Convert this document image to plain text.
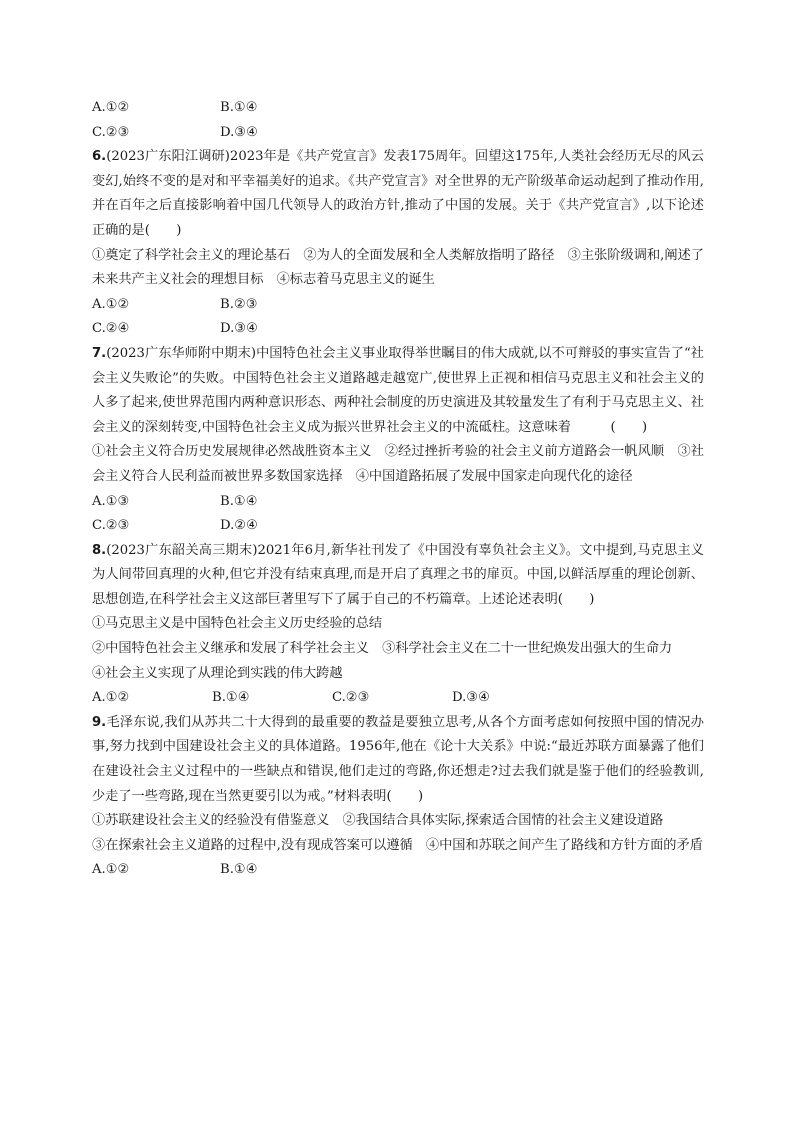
A.①②	B.①④
C.②③	D.③④
6.(2023广东阳江调研)2023年是《共产党宣言》发表175周年。回望这175年,人类社会经历无尽的风云变幻,始终不变的是对和平幸福美好的追求。《共产党宣言》对全世界的无产阶级革命运动起到了推动作用,并在百年之后直接影响着中国几代领导人的政治方针,推动了中国的发展。关于《共产党宣言》,以下论述正确的是(　　)
①奠定了科学社会主义的理论基石　②为人的全面发展和全人类解放指明了路径　③主张阶级调和,阐述了未来共产主义社会的理想目标　④标志着马克思主义的诞生
A.①②	B.②③
C.②④	D.③④
7.(2023广东华师附中期末)中国特色社会主义事业取得举世瞩目的伟大成就,以不可辩驳的事实宣告了“社会主义失败论”的失败。中国特色社会主义道路越走越宽广,使世界上正视和相信马克思主义和社会主义的人多了起来,使世界范围内两种意识形态、两种社会制度的历史演进及其较量发生了有利于马克思主义、社会主义的深刻转变,中国特色社会主义成为振兴世界社会主义的中流砥柱。这意味着　　　(　　)
①社会主义符合历史发展规律必然战胜资本主义　②经过挫折考验的社会主义前方道路会一帆风顺　③社会主义符合人民利益而被世界多数国家选择　④中国道路拓展了发展中国家走向现代化的途径
A.①③	B.①④
C.②③	D.②④
8.(2023广东韶关高三期末)2021年6月,新华社刊发了《中国没有辜负社会主义》。文中提到,马克思主义为人间带回真理的火种,但它并没有结束真理,而是开启了真理之书的扉页。中国,以鲜活厚重的理论创新、思想创造,在科学社会主义这部巨著里写下了属于自己的不朽篇章。上述论述表明(　　)
①马克思主义是中国特色社会主义历史经验的总结
②中国特色社会主义继承和发展了科学社会主义　③科学社会主义在二十一世纪焕发出强大的生命力
④社会主义实现了从理论到实践的伟大跨越
A.①②	B.①④	C.②③	D.③④
9.毛泽东说,我们从苏共二十大得到的最重要的教益是要独立思考,从各个方面考虑如何按照中国的情况办事,努力找到中国建设社会主义的具体道路。1956年,他在《论十大关系》中说:“最近苏联方面暴露了他们在建设社会主义过程中的一些缺点和错误,他们走过的弯路,你还想走?过去我们就是鉴于他们的经验教训,少走了一些弯路,现在当然更要引以为戒。”材料表明(　　)
①苏联建设社会主义的经验没有借鉴意义　②我国结合具体实际,探索适合国情的社会主义建设道路
③在探索社会主义道路的过程中,没有现成答案可以遵循　④中国和苏联之间产生了路线和方针方面的矛盾
A.①②	B.①④
